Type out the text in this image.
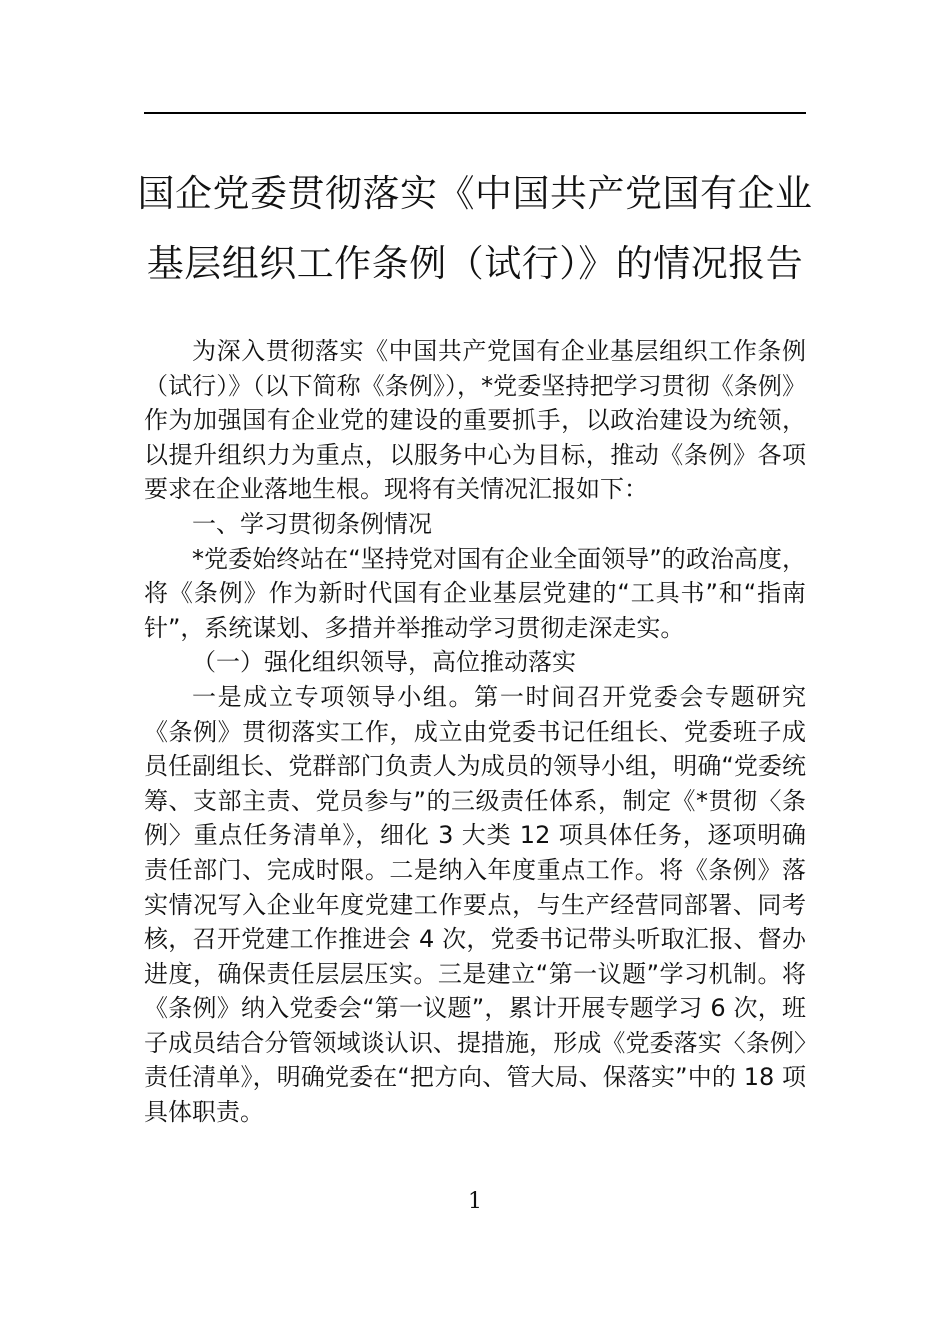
国企党委贯彻落实《中国共产党国有企业
基层组织工作条例（试行）》的情况报告

为深入贯彻落实《中国共产党国有企业基层组织工作条例（试行）》（以下简称《条例》），*党委坚持把学习贯彻《条例》作为加强国有企业党的建设的重要抓手，以政治建设为统领，以提升组织力为重点，以服务中心为目标，推动《条例》各项要求在企业落地生根。现将有关情况汇报如下：

一、学习贯彻条例情况

*党委始终站在“坚持党对国有企业全面领导”的政治高度，将《条例》作为新时代国有企业基层党建的“工具书”和“指南针”，系统谋划、多措并举推动学习贯彻走深走实。

（一）强化组织领导，高位推动落实

一是成立专项领导小组。第一时间召开党委会专题研究《条例》贯彻落实工作，成立由党委书记任组长、党委班子成员任副组长、党群部门负责人为成员的领导小组，明确“党委统筹、支部主责、党员参与”的三级责任体系，制定《*贯彻〈条例〉重点任务清单》，细化 3 大类 12 项具体任务，逐项明确责任部门、完成时限。二是纳入年度重点工作。将《条例》落实情况写入企业年度党建工作要点，与生产经营同部署、同考核，召开党建工作推进会 4 次，党委书记带头听取汇报、督办进度，确保责任层层压实。三是建立“第一议题”学习机制。将《条例》纳入党委会“第一议题”，累计开展专题学习 6 次，班子成员结合分管领域谈认识、提措施，形成《党委落实〈条例〉责任清单》，明确党委在“把方向、管大局、保落实”中的 18 项具体职责。

1
